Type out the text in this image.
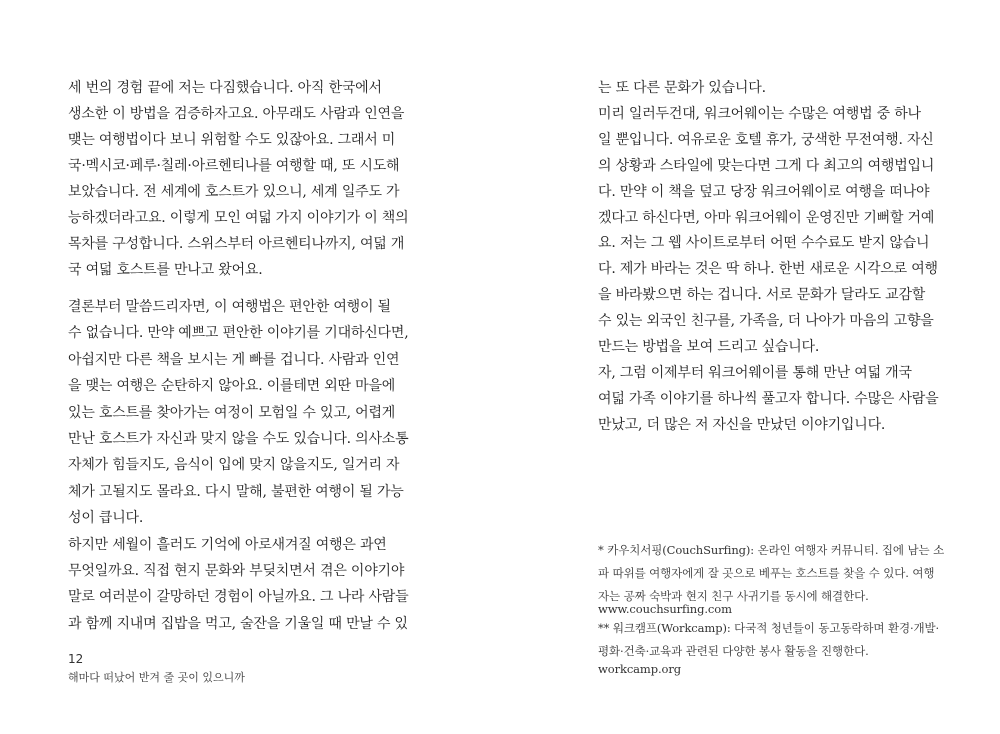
세 번의 경험 끝에 저는 다짐했습니다. 아직 한국에서
생소한 이 방법을 검증하자고요. 아무래도 사람과 인연을
맺는 여행법이다 보니 위험할 수도 있잖아요. 그래서 미
국·멕시코·페루·칠레·아르헨티나를 여행할 때, 또 시도해
보았습니다. 전 세계에 호스트가 있으니, 세계 일주도 가
능하겠더라고요. 이렇게 모인 여덟 가지 이야기가 이 책의
목차를 구성합니다. 스위스부터 아르헨티나까지, 여덟 개
국 여덟 호스트를 만나고 왔어요.
결론부터 말씀드리자면, 이 여행법은 편안한 여행이 될
수 없습니다. 만약 예쁘고 편안한 이야기를 기대하신다면,
아쉽지만 다른 책을 보시는 게 빠를 겁니다. 사람과 인연
을 맺는 여행은 순탄하지 않아요. 이를테면 외딴 마을에
있는 호스트를 찾아가는 여정이 모험일 수 있고, 어렵게
만난 호스트가 자신과 맞지 않을 수도 있습니다. 의사소통
자체가 힘들지도, 음식이 입에 맞지 않을지도, 일거리 자
체가 고될지도 몰라요. 다시 말해, 불편한 여행이 될 가능
성이 큽니다.
하지만 세월이 흘러도 기억에 아로새겨질 여행은 과연
무엇일까요. 직접 현지 문화와 부딪치면서 겪은 이야기야
말로 여러분이 갈망하던 경험이 아닐까요. 그 나라 사람들
과 함께 지내며 집밥을 먹고, 술잔을 기울일 때 만날 수 있
는 또 다른 문화가 있습니다.
미리 일러두건대, 워크어웨이는 수많은 여행법 중 하나
일 뿐입니다. 여유로운 호텔 휴가, 궁색한 무전여행. 자신
의 상황과 스타일에 맞는다면 그게 다 최고의 여행법입니
다. 만약 이 책을 덮고 당장 워크어웨이로 여행을 떠나야
겠다고 하신다면, 아마 워크어웨이 운영진만 기뻐할 거예
요. 저는 그 웹 사이트로부터 어떤 수수료도 받지 않습니
다. 제가 바라는 것은 딱 하나. 한번 새로운 시각으로 여행
을 바라봤으면 하는 겁니다. 서로 문화가 달라도 교감할
수 있는 외국인 친구를, 가족을, 더 나아가 마음의 고향을
만드는 방법을 보여 드리고 싶습니다.
자, 그럼 이제부터 워크어웨이를 통해 만난 여덟 개국
여덟 가족 이야기를 하나씩 풀고자 합니다. 수많은 사람을
만났고, 더 많은 저 자신을 만났던 이야기입니다.
* 카우치서핑(CouchSurfing): 온라인 여행자 커뮤니티. 집에 남는 소
파 따위를 여행자에게 잘 곳으로 베푸는 호스트를 찾을 수 있다. 여행
자는 공짜 숙박과 현지 친구 사귀기를 동시에 해결한다.
www.couchsurfing.com
** 워크캠프(Workcamp): 다국적 청년들이 동고동락하며 환경·개발·
평화·건축·교육과 관련된 다양한 봉사 활동을 진행한다.
workcamp.org
12
해마다 떠났어 반겨 줄 곳이 있으니까
